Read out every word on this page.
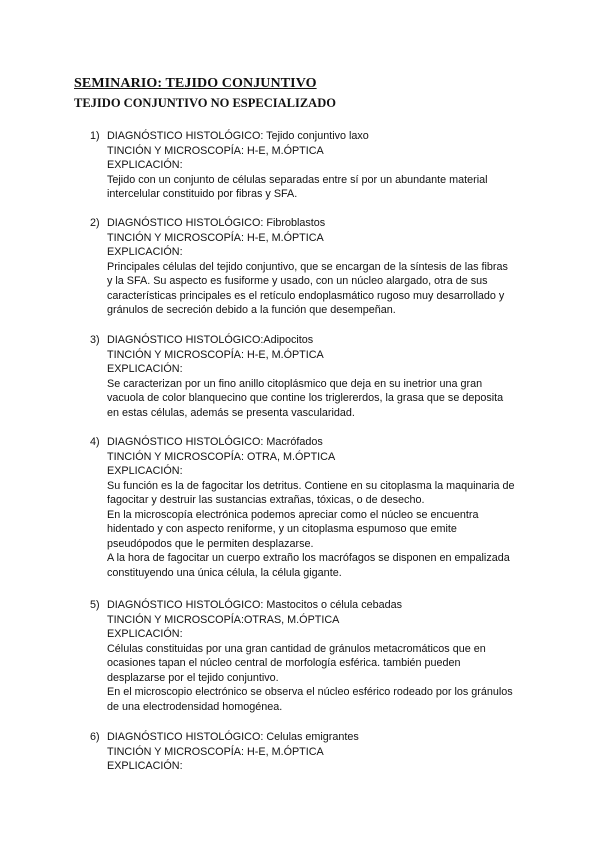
SEMINARIO: TEJIDO CONJUNTIVO
TEJIDO CONJUNTIVO NO ESPECIALIZADO
1) DIAGNÓSTICO HISTOLÓGICO: Tejido conjuntivo laxo
TINCIÓN Y MICROSCOPÍA: H-E, M.ÓPTICA
EXPLICACIÓN:
Tejido con un conjunto de células separadas entre sí por un abundante material
intercelular constituido por fibras y SFA.
2) DIAGNÓSTICO HISTOLÓGICO: Fibroblastos
TINCIÓN Y MICROSCOPÍA: H-E, M.ÓPTICA
EXPLICACIÓN:
Principales células del tejido conjuntivo, que se encargan de la síntesis de las fibras
y la SFA. Su aspecto es fusiforme y usado, con un núcleo alargado, otra de sus
características principales es el retículo endoplasmático rugoso muy desarrollado y
gránulos de secreción debido a la función que desempeñan.
3) DIAGNÓSTICO HISTOLÓGICO:Adipocitos
TINCIÓN Y MICROSCOPÍA: H-E, M.ÓPTICA
EXPLICACIÓN:
Se caracterizan por un fino anillo citoplásmico que deja en su inetrior una gran
vacuola de color blanquecino que contine los triglererdos, la grasa que se deposita
en estas células, además se presenta vascularidad.
4) DIAGNÓSTICO HISTOLÓGICO: Macrófados
TINCIÓN Y MICROSCOPÍA: OTRA, M.ÓPTICA
EXPLICACIÓN:
Su función es la de fagocitar los detritus. Contiene en su citoplasma la maquinaria de
fagocitar y destruir las sustancias extrañas, tóxicas, o de desecho.
En la microscopía electrónica podemos apreciar como el núcleo se encuentra
hidentado y con aspecto reniforme, y un citoplasma espumoso que emite
pseudópodos que le permiten desplazarse.
A la hora de fagocitar un cuerpo extraño los macrófagos se disponen en empalizada
constituyendo una única célula, la célula gigante.
5) DIAGNÓSTICO HISTOLÓGICO: Mastocitos o célula cebadas
TINCIÓN Y MICROSCOPÍA:OTRAS, M.ÓPTICA
EXPLICACIÓN:
Células constituidas por una gran cantidad de gránulos metacromáticos que en
ocasiones tapan el núcleo central de morfología esférica. también pueden
desplazarse por el tejido conjuntivo.
En el microscopio electrónico se observa el núcleo esférico rodeado por los gránulos
de una electrodensidad homogénea.
6) DIAGNÓSTICO HISTOLÓGICO: Celulas emigrantes
TINCIÓN Y MICROSCOPÍA: H-E, M.ÓPTICA
EXPLICACIÓN:
